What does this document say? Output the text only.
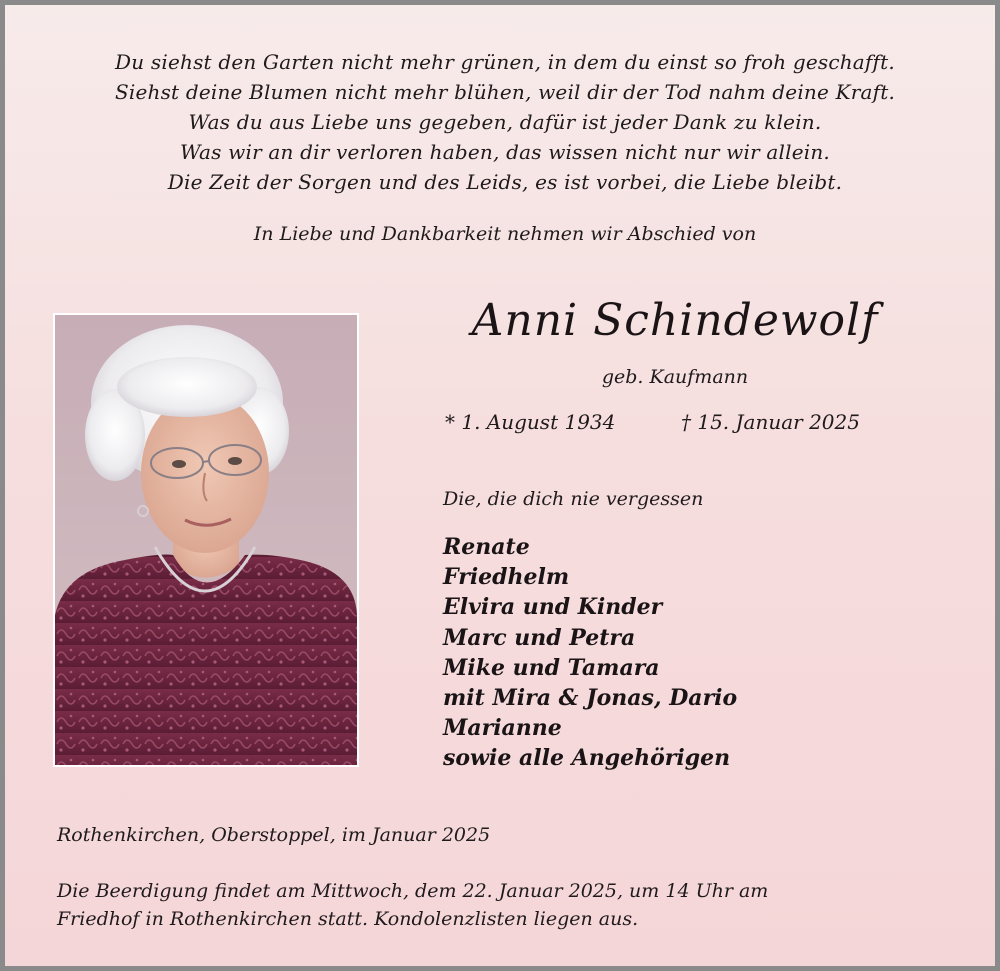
Du siehst den Garten nicht mehr grünen, in dem du einst so froh geschafft.
Siehst deine Blumen nicht mehr blühen, weil dir der Tod nahm deine Kraft.
Was du aus Liebe uns gegeben, dafür ist jeder Dank zu klein.
Was wir an dir verloren haben, das wissen nicht nur wir allein.
Die Zeit der Sorgen und des Leids, es ist vorbei, die Liebe bleibt.
In Liebe und Dankbarkeit nehmen wir Abschied von
Anni Schindewolf
geb. Kaufmann
* 1. August 1934	† 15. Januar 2025
Die, die dich nie vergessen
Renate
Friedhelm
Elvira und Kinder
Marc und Petra
Mike und Tamara
mit Mira & Jonas, Dario
Marianne
sowie alle Angehörigen
Rothenkirchen, Oberstoppel, im Januar 2025
Die Beerdigung findet am Mittwoch, dem 22. Januar 2025, um 14 Uhr am
Friedhof in Rothenkirchen statt. Kondolenzlisten liegen aus.
